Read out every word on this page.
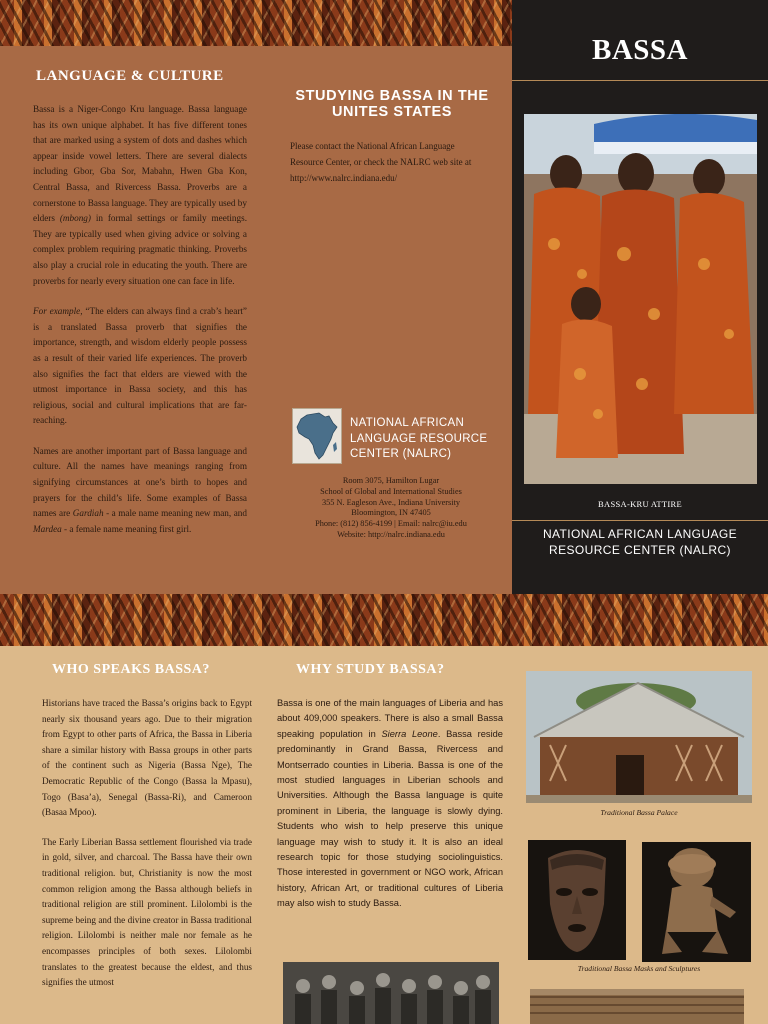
LANGUAGE & CULTURE

Bassa is a Niger-Congo Kru language. Bassa language has its own unique alphabet. It has five different tones that are marked using a system of dots and dashes which appear inside vowel letters. There are several dialects including Gbor, Gba Sor, Mabahn, Hwen Gba Kon, Central Bassa, and Rivercess Bassa. Proverbs are a cornerstone to Bassa language. They are typically used by elders (mbong) in formal settings or family meetings. They are typically used when giving advice or solving a complex problem requiring pragmatic thinking. Proverbs also play a crucial role in educating the youth. There are proverbs for nearly every situation one can face in life.

For example, “The elders can always find a crab’s heart” is a translated Bassa proverb that signifies the importance, strength, and wisdom elderly people possess as a result of their varied life experiences. The proverb also signifies the fact that elders are viewed with the utmost importance in Bassa society, and this has religious, social and cultural implications that are far-reaching.

Names are another important part of Bassa language and culture. All the names have meanings ranging from signifying circumstances at one’s birth to hopes and prayers for the child’s life. Some examples of Bassa names are Gardiah - a male name meaning new man, and Mardea - a female name meaning first girl.

STUDYING BASSA IN THE UNITES STATES

Please contact the National African Language Resource Center, or check the NALRC web site at http://www.nalrc.indiana.edu/

NATIONAL AFRICAN LANGUAGE RESOURCE CENTER (NALRC)
Room 3075, Hamilton Lugar
School of Global and International Studies
355 N. Eagleson Ave., Indiana University
Bloomington, IN 47405
Phone: (812) 856-4199 | Email: nalrc@iu.edu
Website: http://nalrc.indiana.edu
BASSA
BASSA-KRU ATTIRE
NATIONAL AFRICAN LANGUAGE RESOURCE CENTER (NALRC)
WHO SPEAKS BASSA?

Historians have traced the Bassa’s origins back to Egypt nearly six thousand years ago. Due to their migration from Egypt to other parts of Africa, the Bassa in Liberia share a similar history with Bassa groups in other parts of the continent such as Nigeria (Bassa Nge), The Democratic Republic of the Congo (Bassa la Mpasu), Togo (Basa’a), Senegal (Bassa-Ri), and Cameroon (Basaa Mpoo).

The Early Liberian Bassa settlement flourished via trade in gold, silver, and charcoal. The Bassa have their own traditional religion. but, Christianity is now the most common religion among the Bassa although beliefs in traditional religion are still prominent. Lilolombi is the supreme being and the divine creator in Bassa traditional religion. Lilolombi is neither male nor female as he encompasses principles of both sexes. Lilolombi translates to the greatest because the eldest, and thus signifies the utmost

WHY STUDY BASSA?

Bassa is one of the main languages of Liberia and has about 409,000 speakers. There is also a small Bassa speaking population in Sierra Leone. Bassa reside predominantly in Grand Bassa, Rivercess and Montserrado counties in Liberia. Bassa is one of the most studied languages in Liberian schools and Universities. Although the Bassa language is quite prominent in Liberia, the language is slowly dying. Students who wish to help preserve this unique language may wish to study it. It is also an ideal research topic for those studying sociolinguistics. Those interested in government or NGO work, African history, African Art, or traditional cultures of Liberia may also wish to study Bassa.

Traditional Bassa Palace
Traditional Bassa Masks and Sculptures
